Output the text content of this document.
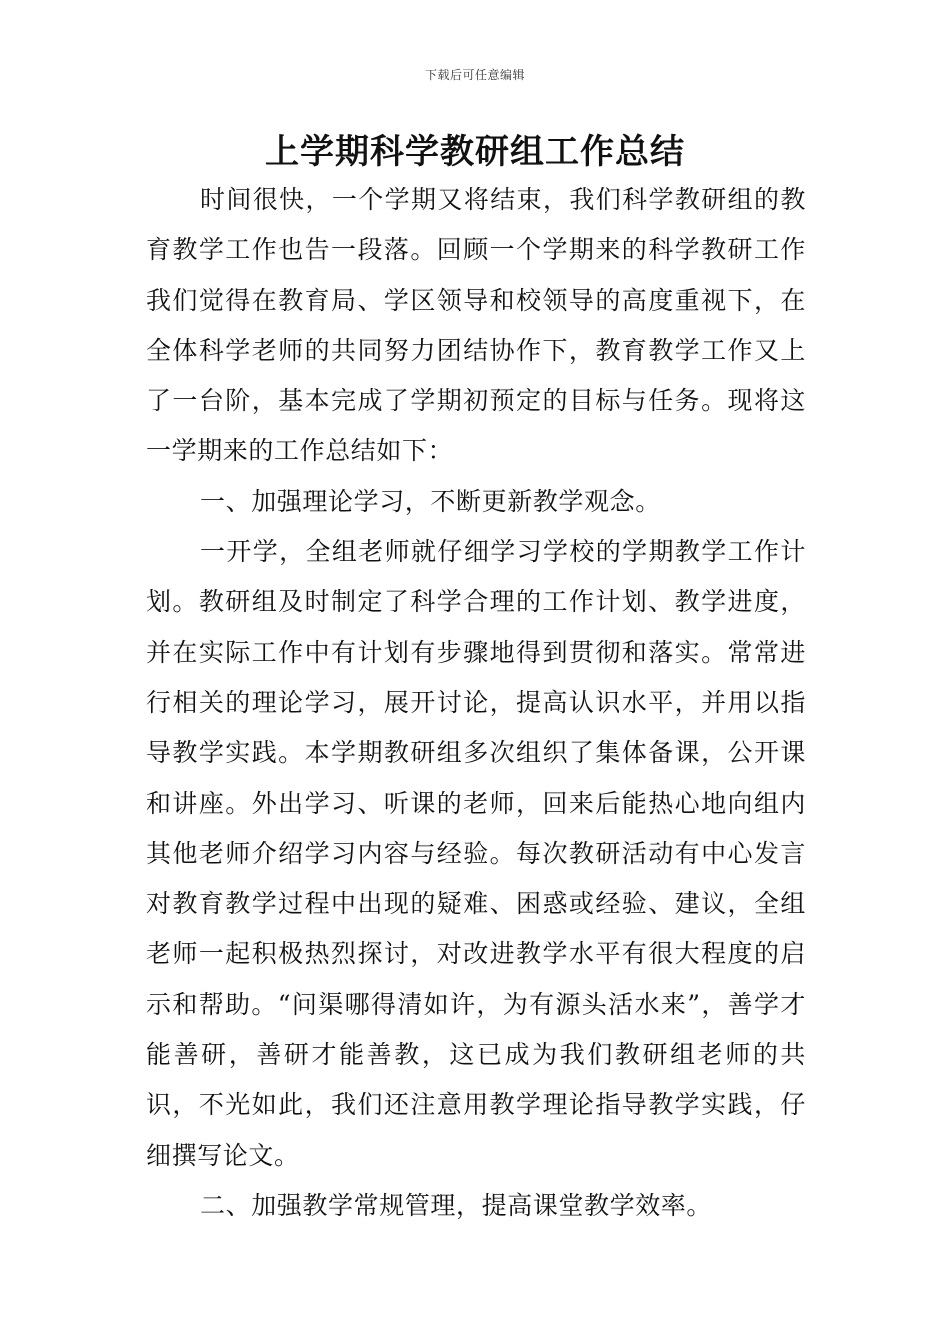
下载后可任意编辑
上学期科学教研组工作总结

时间很快，一个学期又将结束，我们科学教研组的教育教学工作也告一段落。回顾一个学期来的科学教研工作我们觉得在教育局、学区领导和校领导的高度重视下，在全体科学老师的共同努力团结协作下，教育教学工作又上了一台阶，基本完成了学期初预定的目标与任务。现将这一学期来的工作总结如下：

一、加强理论学习，不断更新教学观念。

一开学，全组老师就仔细学习学校的学期教学工作计划。教研组及时制定了科学合理的工作计划、教学进度，并在实际工作中有计划有步骤地得到贯彻和落实。常常进行相关的理论学习，展开讨论，提高认识水平，并用以指导教学实践。本学期教研组多次组织了集体备课，公开课和讲座。外出学习、听课的老师，回来后能热心地向组内其他老师介绍学习内容与经验。每次教研活动有中心发言对教育教学过程中出现的疑难、困惑或经验、建议，全组老师一起积极热烈探讨，对改进教学水平有很大程度的启示和帮助。“问渠哪得清如许，为有源头活水来”，善学才能善研，善研才能善教，这已成为我们教研组老师的共识，不光如此，我们还注意用教学理论指导教学实践，仔细撰写论文。

二、加强教学常规管理，提高课堂教学效率。
